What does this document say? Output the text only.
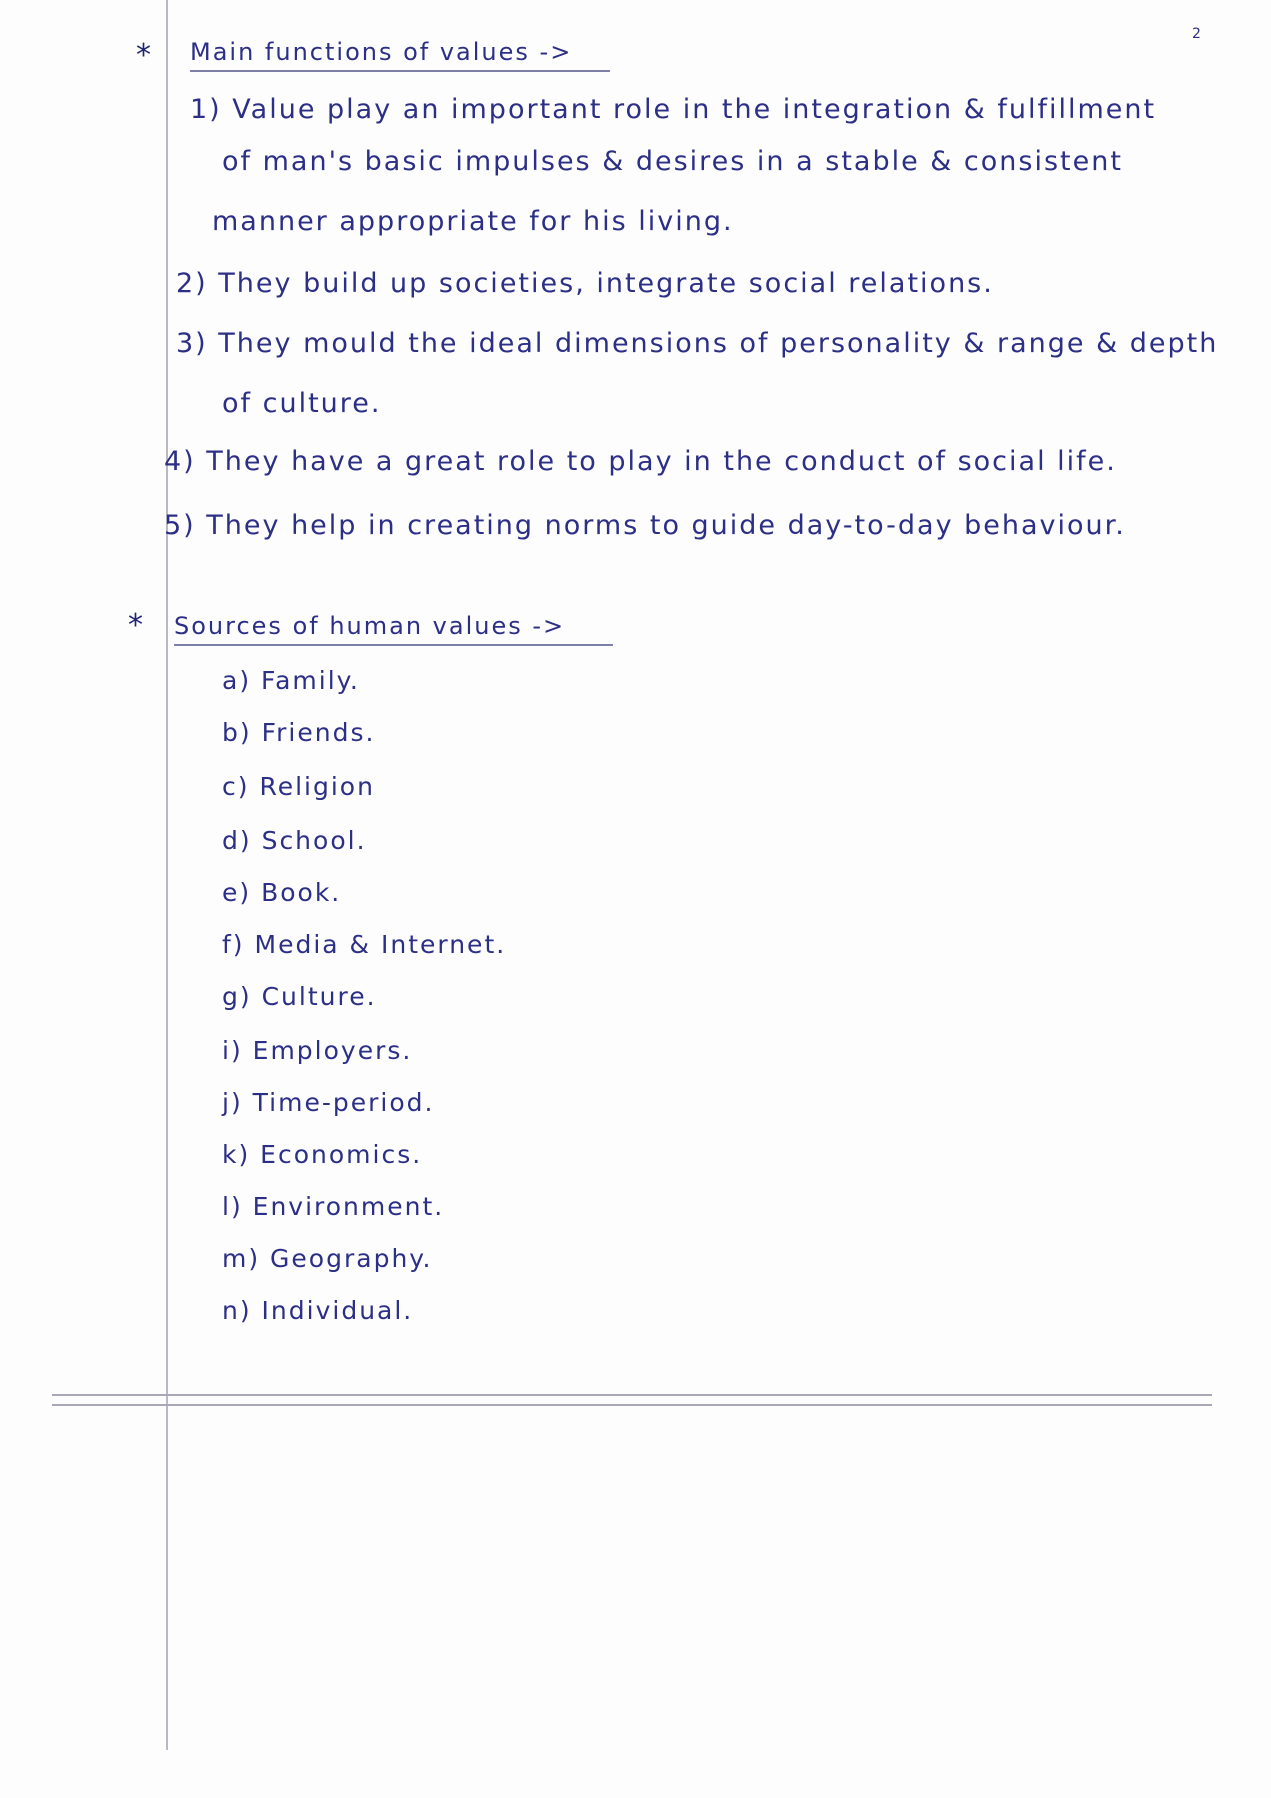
2
* Main functions of values ->
1) Value play an important role in the integration & fulfillment
of man's basic impulses & desires in a stable & consistent
manner appropriate for his living.
2) They build up societies, integrate social relations.
3) They mould the ideal dimensions of personality & range & depth
of culture.
4) They have a great role to play in the conduct of social life.
5) They help in creating norms to guide day-to-day behaviour.
* Sources of human values ->
a) Family.
b) Friends.
c) Religion
d) School.
e) Book.
f) Media & Internet.
g) Culture.
i) Employers.
j) Time-period.
k) Economics.
l) Environment.
m) Geography.
n) Individual.
